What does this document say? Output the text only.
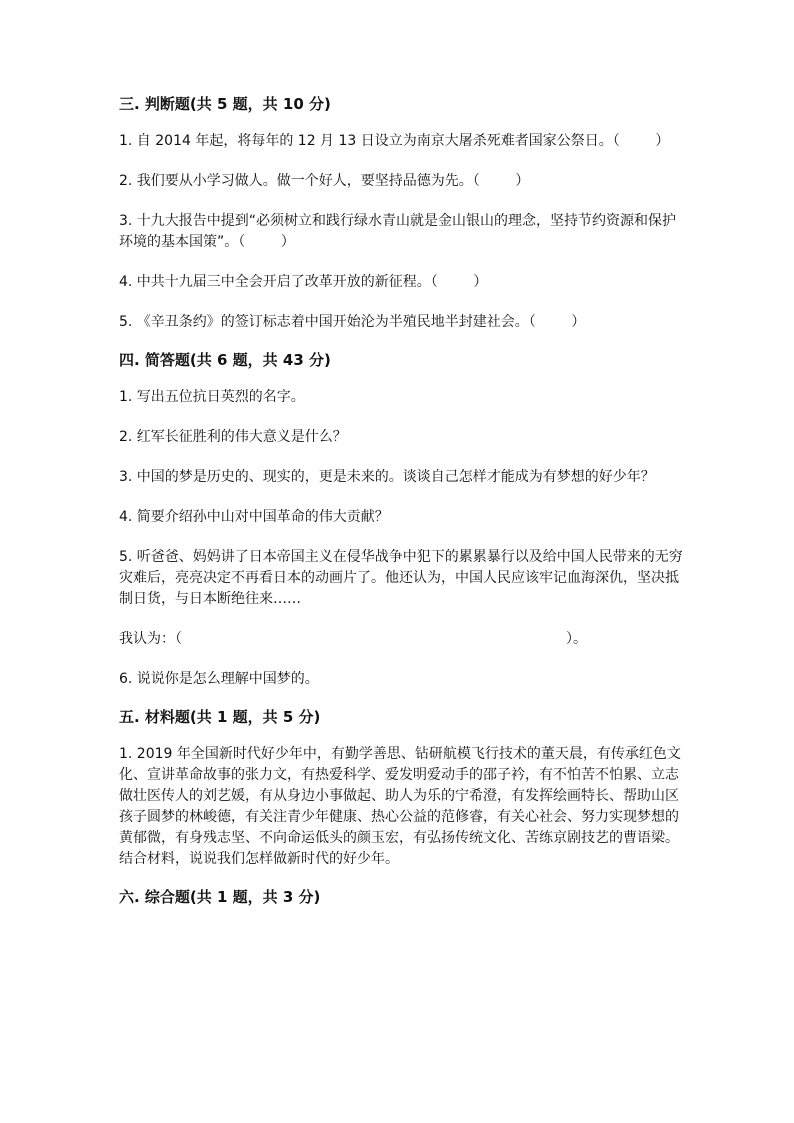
三. 判断题(共 5 题，共 10 分)

1. 自 2014 年起，将每年的 12 月 13 日设立为南京大屠杀死难者国家公祭日。（        ）

2. 我们要从小学习做人。做一个好人，要坚持品德为先。（        ）

3. 十九大报告中提到“必须树立和践行绿水青山就是金山银山的理念，坚持节约资源和保护环境的基本国策”。（        ）

4. 中共十九届三中全会开启了改革开放的新征程。（        ）

5. 《辛丑条约》的签订标志着中国开始沦为半殖民地半封建社会。（        ）

四. 简答题(共 6 题，共 43 分)

1. 写出五位抗日英烈的名字。

2. 红军长征胜利的伟大意义是什么？

3. 中国的梦是历史的、现实的，更是未来的。谈谈自己怎样才能成为有梦想的好少年？

4. 简要介绍孙中山对中国革命的伟大贡献？

5. 听爸爸、妈妈讲了日本帝国主义在侵华战争中犯下的累累暴行以及给中国人民带来的无穷灾难后，亮亮决定不再看日本的动画片了。他还认为，中国人民应该牢记血海深仇，坚决抵制日货，与日本断绝往来……

我认为：（	）。

6. 说说你是怎么理解中国梦的。

五. 材料题(共 1 题，共 5 分)

1. 2019 年全国新时代好少年中，有勤学善思、钻研航模飞行技术的董天晨，有传承红色文化、宣讲革命故事的张力文，有热爱科学、爱发明爱动手的邵子衿，有不怕苦不怕累、立志做壮医传人的刘艺媛，有从身边小事做起、助人为乐的宁希澄，有发挥绘画特长、帮助山区孩子圆梦的林峻德，有关注青少年健康、热心公益的范修睿，有关心社会、努力实现梦想的黄郁微，有身残志坚、不向命运低头的颜玉宏，有弘扬传统文化、苦练京剧技艺的曹语梁。结合材料，说说我们怎样做新时代的好少年。

六. 综合题(共 1 题，共 3 分)
